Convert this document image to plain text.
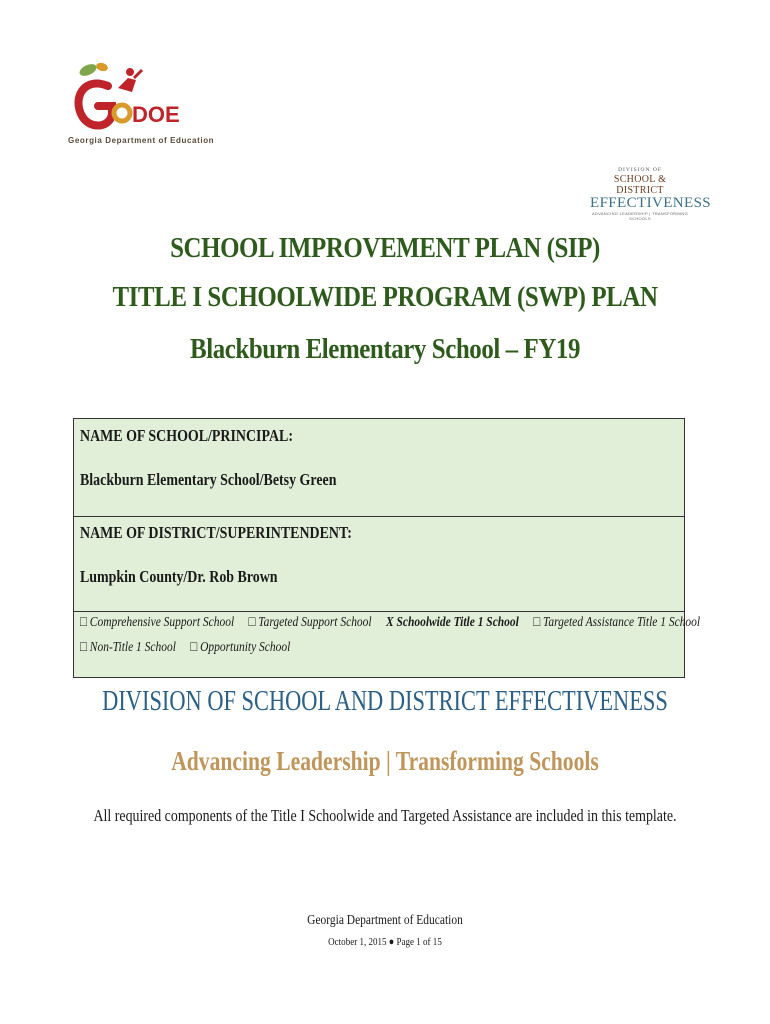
DOE
Georgia Department of Education
DIVISION OF
SCHOOL & DISTRICT
EFFECTIVENESS
ADVANCING LEADERSHIP | TRANSFORMING SCHOOLS
SCHOOL IMPROVEMENT PLAN (SIP)
TITLE I SCHOOLWIDE PROGRAM (SWP) PLAN
Blackburn Elementary School – FY19
NAME OF SCHOOL/PRINCIPAL:
Blackburn Elementary School/Betsy Green
NAME OF DISTRICT/SUPERINTENDENT:
Lumpkin County/Dr. Rob Brown
□ Comprehensive Support School □ Targeted Support School X Schoolwide Title 1 School □ Targeted Assistance Title 1 School
□ Non-Title 1 School □ Opportunity School
DIVISION OF SCHOOL AND DISTRICT EFFECTIVENESS
Advancing Leadership | Transforming Schools
All required components of the Title I Schoolwide and Targeted Assistance are included in this template.
Georgia Department of Education
October 1, 2015 ● Page 1 of 15
